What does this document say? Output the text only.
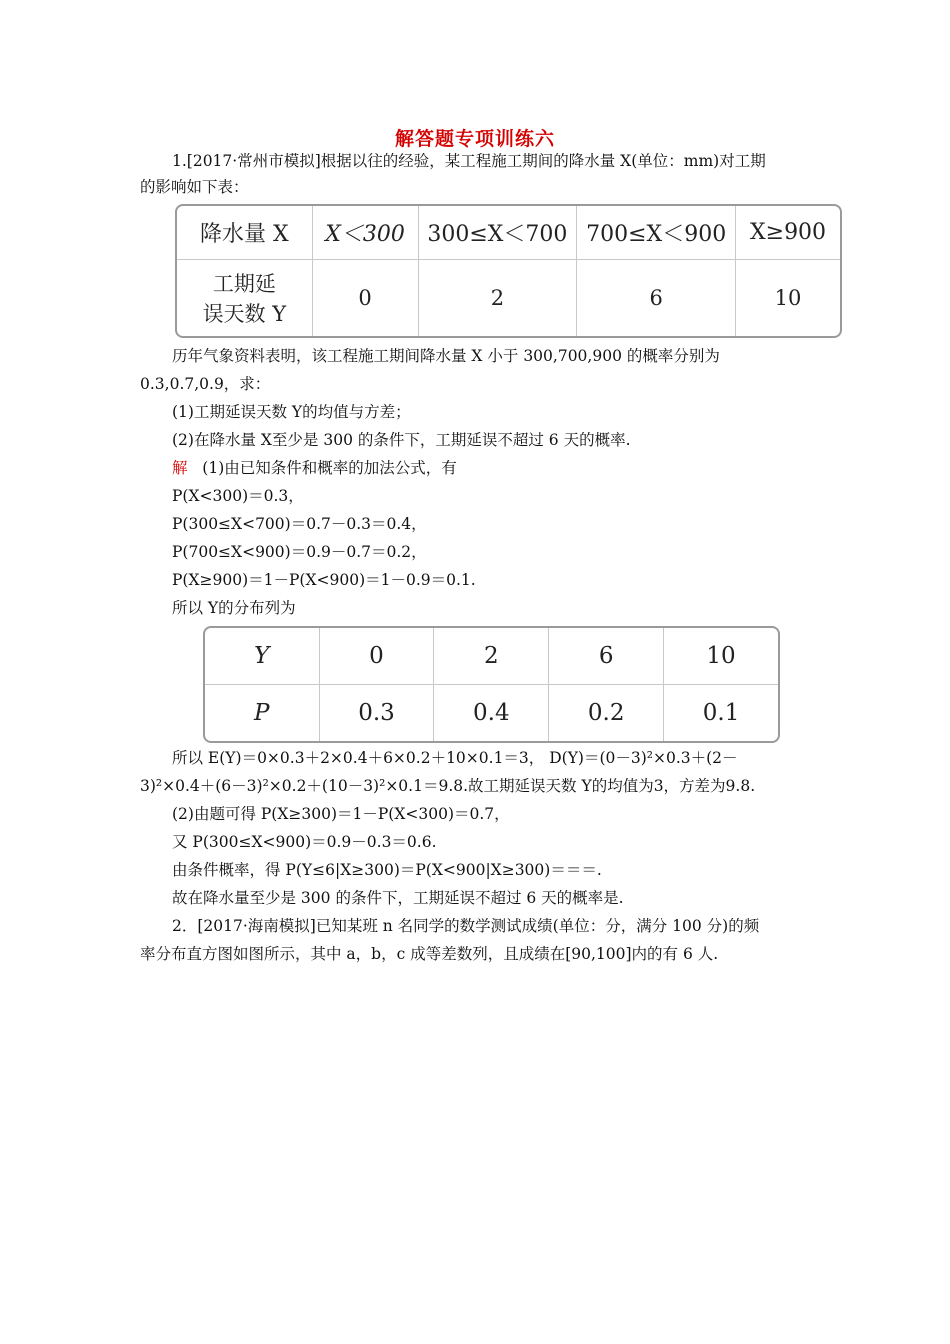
解答题专项训练六
1.[2017·常州市模拟]根据以往的经验，某工程施工期间的降水量 X(单位：mm)对工期
的影响如下表：
降水量 X	X＜300	300≤X＜700	700≤X＜900	X≥900

工期延
误天数 Y	0	2	6	10
历年气象资料表明，该工程施工期间降水量 X 小于 300,700,900 的概率分别为
0.3,0.7,0.9，求：
(1)工期延误天数 Y的均值与方差；
(2)在降水量 X至少是 300 的条件下，工期延误不超过 6 天的概率.
解 (1)由已知条件和概率的加法公式，有
P(X<300)＝0.3，
P(300≤X<700)＝0.7－0.3＝0.4，
P(700≤X<900)＝0.9－0.7＝0.2，
P(X≥900)＝1－P(X<900)＝1－0.9＝0.1.
所以 Y的分布列为
Y	0	2	6	10
P	0.3	0.4	0.2	0.1
所以 E(Y)＝0×0.3＋2×0.4＋6×0.2＋10×0.1＝3， D(Y)＝(0－3)²×0.3＋(2－
3)²×0.4＋(6－3)²×0.2＋(10－3)²×0.1＝9.8.故工期延误天数 Y的均值为3，方差为9.8.
(2)由题可得 P(X≥300)＝1－P(X<300)＝0.7，
又 P(300≤X<900)＝0.9－0.3＝0.6.
由条件概率，得 P(Y≤6|X≥300)＝P(X<900|X≥300)＝＝＝.
故在降水量至少是 300 的条件下，工期延误不超过 6 天的概率是.
2．[2017·海南模拟]已知某班 n 名同学的数学测试成绩(单位：分，满分 100 分)的频
率分布直方图如图所示，其中 a，b，c 成等差数列，且成绩在[90,100]内的有 6 人.
